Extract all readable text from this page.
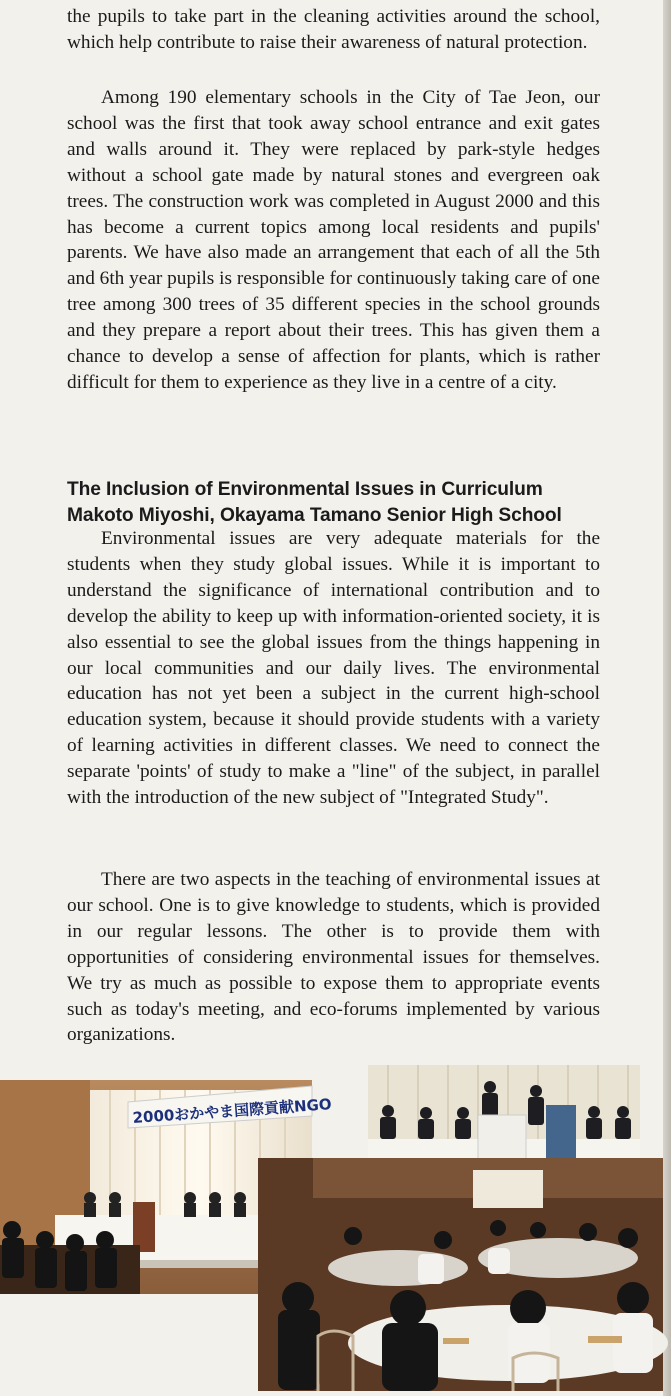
the pupils to take part in the cleaning activities around the school, which help contribute to raise their awareness of natural protection.

Among 190 elementary schools in the City of Tae Jeon, our school was the first that took away school entrance and exit gates and walls around it. They were replaced by park-style hedges without a school gate made by natural stones and evergreen oak trees. The construction work was completed in August 2000 and this has become a current topics among local residents and pupils' parents. We have also made an arrangement that each of all the 5th and 6th year pupils is responsible for continuously taking care of one tree among 300 trees of 35 different species in the school grounds and they prepare a report about their trees. This has given them a chance to develop a sense of affection for plants, which is rather difficult for them to experience as they live in a centre of a city.

The Inclusion of Environmental Issues in Curriculum
Makoto Miyoshi, Okayama Tamano Senior High School

Environmental issues are very adequate materials for the students when they study global issues. While it is important to understand the significance of international contribution and to develop the ability to keep up with information-oriented society, it is also essential to see the global issues from the things happening in our local communities and our daily lives. The environmental education has not yet been a subject in the current high-school education system, because it should provide students with a variety of learning activities in different classes. We need to connect the separate 'points' of study to make a "line" of the subject, in parallel with the introduction of the new subject of "Integrated Study".

There are two aspects in the teaching of environmental issues at our school. One is to give knowledge to students, which is provided in our regular lessons. The other is to provide them with opportunities of considering environmental issues for themselves. We try as much as possible to expose them to appropriate events such as today's meeting, and eco-forums implemented by various organizations.

2000おかやま国際貢献NGO
